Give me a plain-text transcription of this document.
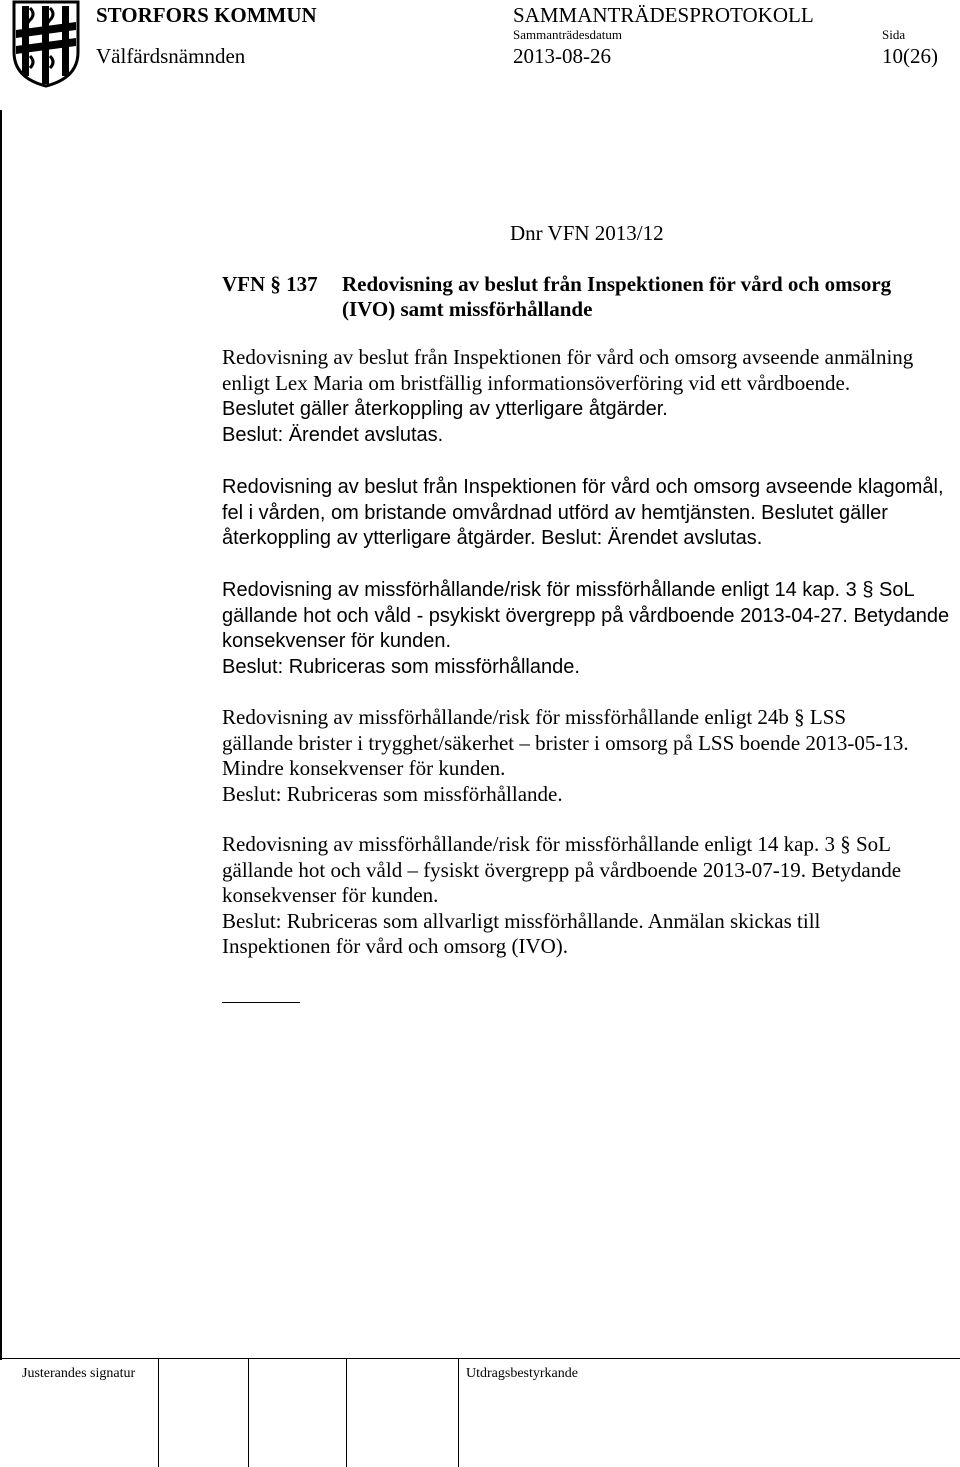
STORFORS KOMMUN
Välfärdsnämnden
SAMMANTRÄDESPROTOKOLL
Sammanträdesdatum
2013-08-26
Sida
10(26)
Dnr VFN 2013/12
VFN § 137 Redovisning av beslut från Inspektionen för vård och omsorg
(IVO) samt missförhållande
Redovisning av beslut från Inspektionen för vård och omsorg avseende anmälning
enligt Lex Maria om bristfällig informationsöverföring vid ett vårdboende.
Beslutet gäller återkoppling av ytterligare åtgärder.
Beslut: Ärendet avslutas.
Redovisning av beslut från Inspektionen för vård och omsorg avseende klagomål,
fel i vården, om bristande omvårdnad utförd av hemtjänsten. Beslutet gäller
återkoppling av ytterligare åtgärder. Beslut: Ärendet avslutas.
Redovisning av missförhållande/risk för missförhållande enligt 14 kap. 3 § SoL
gällande hot och våld - psykiskt övergrepp på vårdboende 2013-04-27. Betydande
konsekvenser för kunden.
Beslut: Rubriceras som missförhållande.
Redovisning av missförhållande/risk för missförhållande enligt 24b § LSS
gällande brister i trygghet/säkerhet – brister i omsorg på LSS boende 2013-05-13.
Mindre konsekvenser för kunden.
Beslut: Rubriceras som missförhållande.
Redovisning av missförhållande/risk för missförhållande enligt 14 kap. 3 § SoL
gällande hot och våld – fysiskt övergrepp på vårdboende 2013-07-19. Betydande
konsekvenser för kunden.
Beslut: Rubriceras som allvarligt missförhållande. Anmälan skickas till
Inspektionen för vård och omsorg (IVO).
Justerandes signatur	Utdragsbestyrkande
